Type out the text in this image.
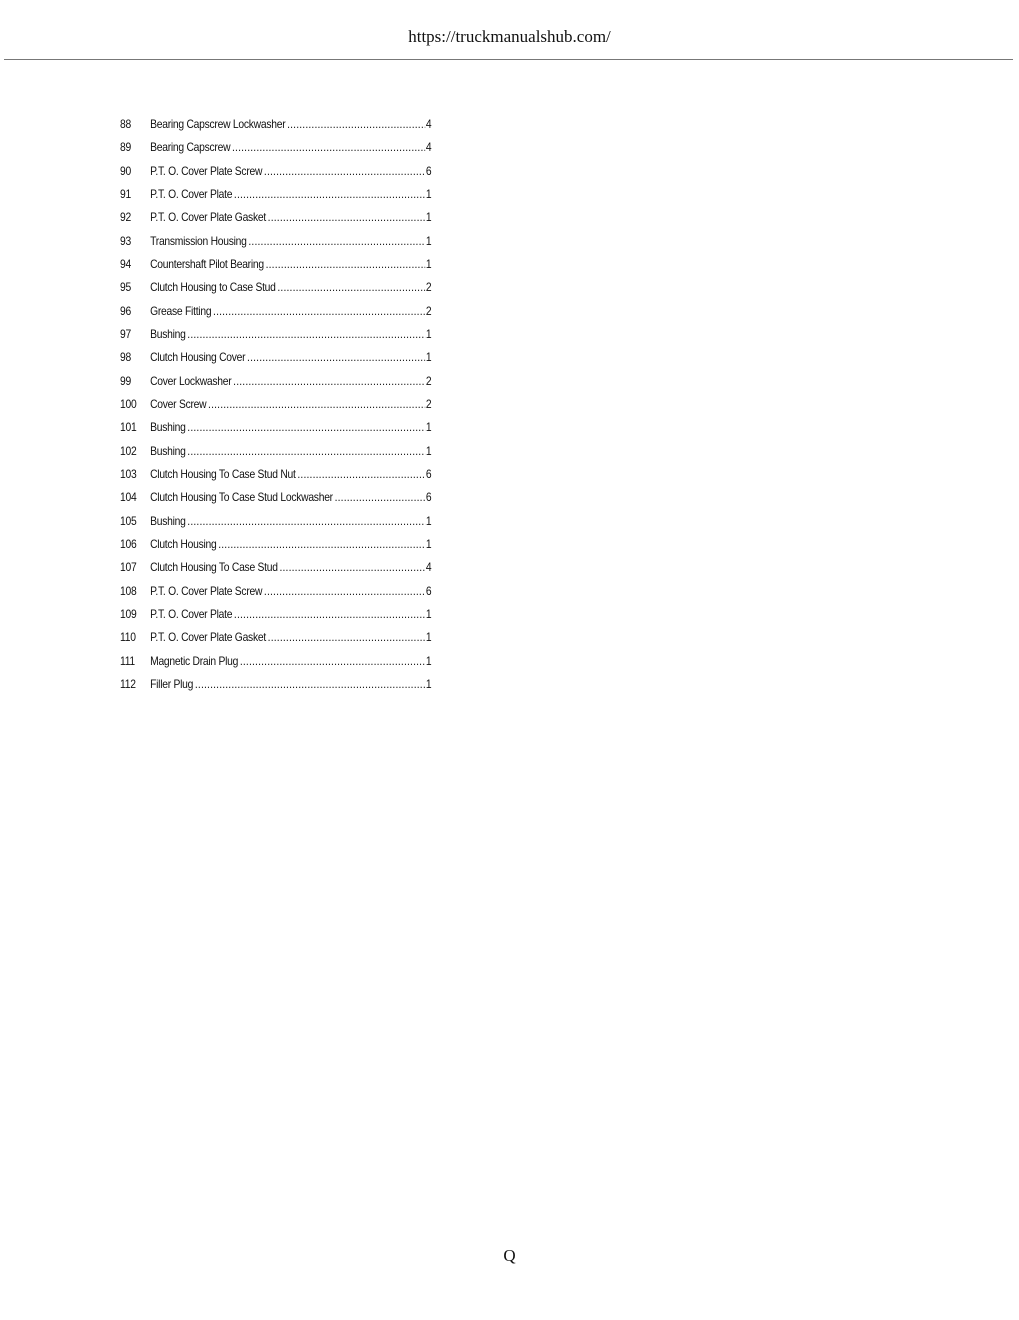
https://truckmanualshub.com/
88	Bearing Capscrew Lockwasher .....	4
89	Bearing Capscrew .....	4
90	P.T. O. Cover Plate Screw .....	6
91	P.T. O. Cover Plate .....	1
92	P.T. O. Cover Plate Gasket .....	1
93	Transmission Housing .....	1
94	Countershaft Pilot Bearing .....	1
95	Clutch Housing to Case Stud .....	2
96	Grease Fitting .....	2
97	Bushing .....	1
98	Clutch Housing Cover .....	1
99	Cover Lockwasher .....	2
100	Cover Screw .....	2
101	Bushing .....	1
102	Bushing .....	1
103	Clutch Housing To Case Stud Nut .....	6
104	Clutch Housing To Case Stud Lockwasher .....	6
105	Bushing .....	1
106	Clutch Housing .....	1
107	Clutch Housing To Case Stud .....	4
108	P.T. O. Cover Plate Screw .....	6
109	P.T. O. Cover Plate .....	1
110	P.T. O. Cover Plate Gasket .....	1
111	Magnetic Drain Plug .....	1
112	Filler Plug .....	1
Q
